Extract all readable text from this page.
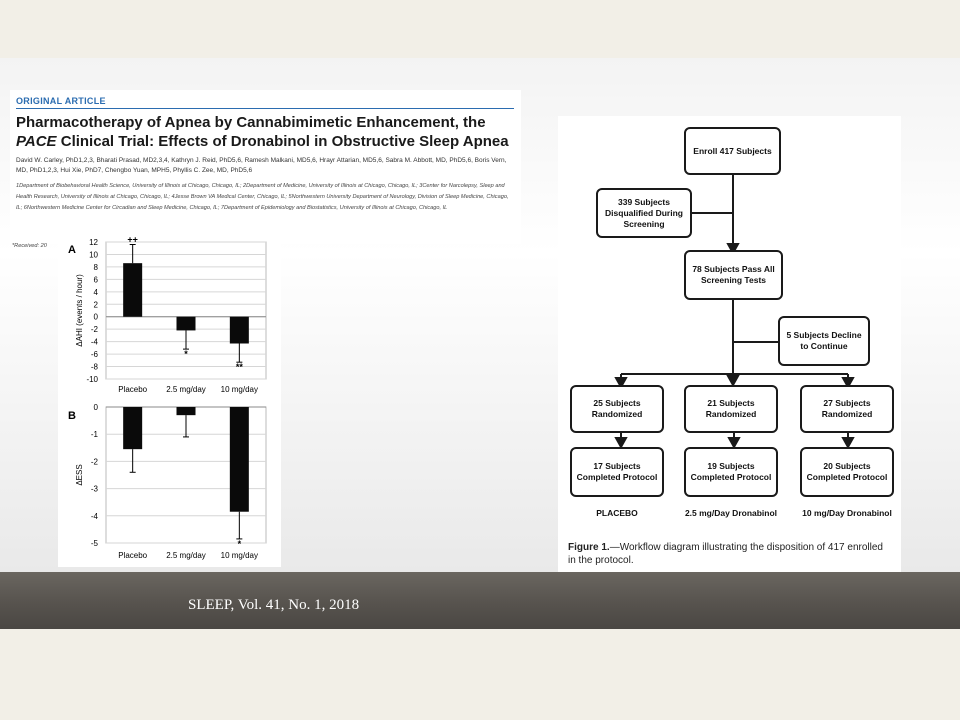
ORIGINAL ARTICLE
Pharmacotherapy of Apnea by Cannabimimetic Enhancement, the PACE Clinical Trial: Effects of Dronabinol in Obstructive Sleep Apnea
David W. Carley, PhD1,2,3, Bharati Prasad, MD2,3,4, Kathryn J. Reid, PhD5,6, Ramesh Malkani, MD5,6, Hrayr Attarian, MD5,6, Sabra M. Abbott, MD, PhD5,6, Boris Vern, MD, PhD1,2,3, Hui Xie, PhD7, Chengbo Yuan, MPH5, Phyllis C. Zee, MD, PhD5,6
1Department of Biobehavioral Health Science, University of Illinois at Chicago, Chicago, IL; 2Department of Medicine, University of Illinois at Chicago, Chicago, IL; 3Center for Narcolepsy, Sleep and Health Research, University of Illinois at Chicago, Chicago, IL; 4Jesse Brown VA Medical Center, Chicago, IL; 5Northwestern University Department of Neurology, Division of Sleep Medicine, Chicago, IL; 6Northwestern Medicine Center for Circadian and Sleep Medicine, Chicago, IL; 7Department of Epidemiology and Biostatistics, University of Illinois at Chicago, Chicago, IL
A
12
10
8
6
4
2
0
-2
-4
-6
-8
-10
ΔAHI (events / hour)
++
Placebo
*
2.5 mg/day
**
10 mg/day
B
0
-1
-2
-3
-4
-5
ΔESS
Placebo 2.5 mg/day
*
10 mg/day
*Received: 20
Enroll 417 Subjects
339 Subjects Disqualified During Screening
78 Subjects Pass All Screening Tests
5 Subjects Decline to Continue
25 Subjects Randomized
21 Subjects Randomized
27 Subjects Randomized
17 Subjects Completed Protocol
19 Subjects Completed Protocol
20 Subjects Completed Protocol
PLACEBO	2.5 mg/Day Dronabinol	10 mg/Day Dronabinol
Figure 1.—Workflow diagram illustrating the disposition of 417 enrolled in the protocol.
SLEEP, Vol. 41, No. 1, 2018
